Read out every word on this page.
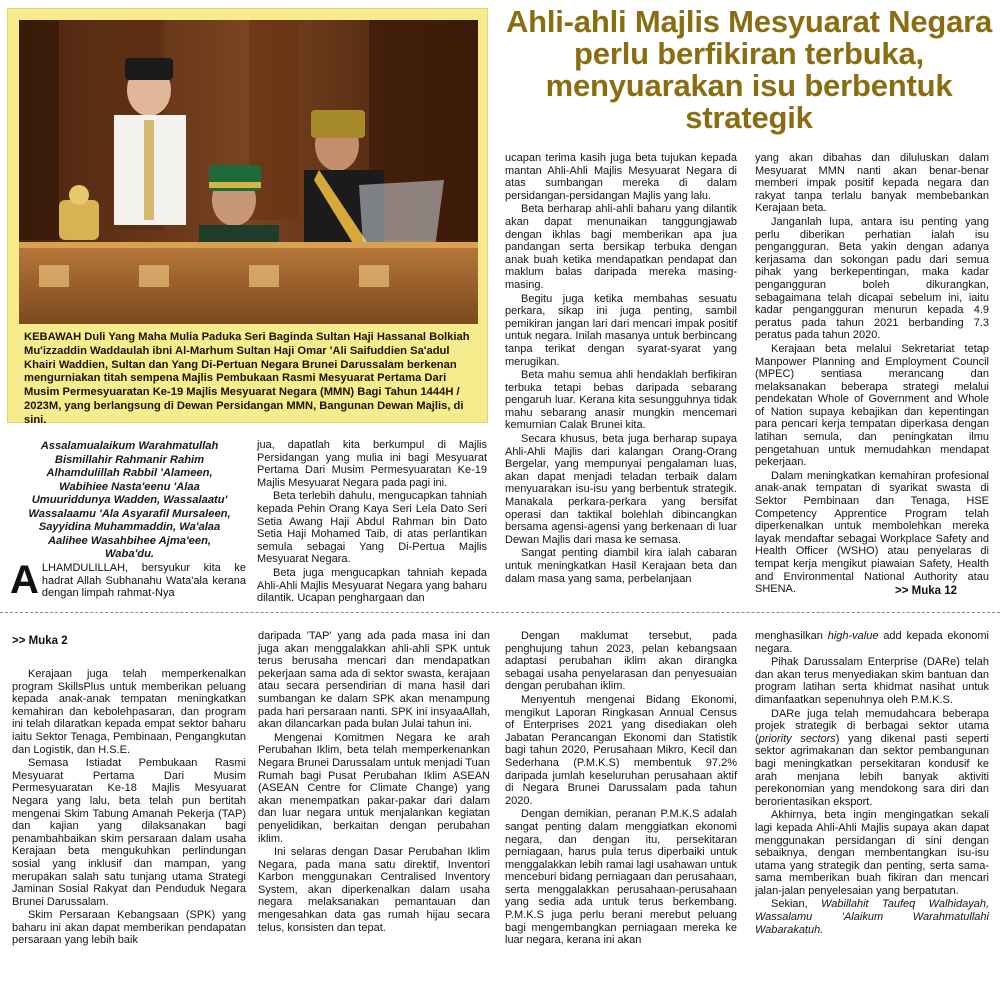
KEBAWAH Duli Yang Maha Mulia Paduka Seri Baginda Sultan Haji Hassanal Bolkiah Mu'izzaddin Waddaulah ibni Al-Marhum Sultan Haji Omar 'Ali Saifuddien Sa'adul Khairi Waddien, Sultan dan Yang Di-Pertuan Negara Brunei Darussalam berkenan mengurniakan titah sempena Majlis Pembukaan Rasmi Mesyuarat Pertama Dari Musim Permesyuaratan Ke-19 Majlis Mesyuarat Negara (MMN) Bagi Tahun 1444H / 2023M, yang berlangsung di Dewan Persidangan MMN, Bangunan Dewan Majlis, di sini.
Ahli-ahli Majlis Mesyuarat Negara perlu berfikiran terbuka, menyuarakan isu berbentuk strategik
Assalamualaikum Warahmatullah Bismillahir Rahmanir Rahim Alhamdulillah Rabbil 'Alameen, Wabihiee Nasta'eenu 'Alaa Umuuriddunya Wadden, Wassalaatu' Wassalaamu 'Ala Asyarafil Mursaleen, Sayyidina Muhammaddin, Wa'alaa Aalihee Wasahbihee Ajma'een, Waba'du.
ALHAMDULILLAH, bersyukur kita ke hadrat Allah Subhanahu Wata'ala kerana dengan limpah rahmat-Nya

jua, dapatlah kita berkumpul di Majlis Persidangan yang mulia ini bagi Mesyuarat Pertama Dari Musim Permesyuaratan Ke-19 Majlis Mesyuarat Negara pada pagi ini.

Beta terlebih dahulu, mengucapkan tahniah kepada Pehin Orang Kaya Seri Lela Dato Seri Setia Awang Haji Abdul Rahman bin Dato Setia Haji Mohamed Taib, di atas perlantikan semula sebagai Yang Di-Pertua Majlis Mesyuarat Negara.

Beta juga mengucapkan tahniah kepada Ahli-Ahli Majlis Mesyuarat Negara yang baharu dilantik. Ucapan penghargaan dan

ucapan terima kasih juga beta tujukan kepada mantan Ahli-Ahli Majlis Mesyuarat Negara di atas sumbangan mereka di dalam persidangan-persidangan Majlis yang lalu.

Beta berharap ahli-ahli baharu yang dilantik akan dapat menunaikan tanggungjawab dengan ikhlas bagi memberikan apa jua pandangan serta bersikap terbuka dengan anak buah ketika mendapatkan pendapat dan maklum balas daripada mereka masing-masing.

Begitu juga ketika membahas sesuatu perkara, sikap ini juga penting, sambil pemikiran jangan lari dari mencari impak positif untuk negara. Inilah masanya untuk berbincang tanpa terikat dengan syarat-syarat yang merugikan.

Beta mahu semua ahli hendaklah berfikiran terbuka tetapi bebas daripada sebarang pengaruh luar. Kerana kita sesungguhnya tidak mahu sebarang anasir mungkin mencemari kemurnian Calak Brunei kita.

Secara khusus, beta juga berharap supaya Ahli-Ahli Majlis dari kalangan Orang-Orang Bergelar, yang mempunyai pengalaman luas, akan dapat menjadi teladan terbaik dalam menyuarakan isu-isu yang berbentuk strategik. Manakala perkara-perkara yang bersifat operasi dan taktikal bolehlah dibincangkan bersama agensi-agensi yang berkenaan di luar Dewan Majlis dari masa ke semasa.

Sangat penting diambil kira ialah cabaran untuk meningkatkan Hasil Kerajaan beta dan dalam masa yang sama, perbelanjaan

yang akan dibahas dan diluluskan dalam Mesyuarat MMN nanti akan benar-benar memberi impak positif kepada negara dan rakyat tanpa terlalu banyak membebankan Kerajaan beta.

Janganlah lupa, antara isu penting yang perlu diberikan perhatian ialah isu pengangguran. Beta yakin dengan adanya kerjasama dan sokongan padu dari semua pihak yang berkepentingan, maka kadar pengangguran boleh dikurangkan, sebagaimana telah dicapai sebelum ini, iaitu kadar pengangguran menurun kepada 4.9 peratus pada tahun 2021 berbanding 7.3 peratus pada tahun 2020.

Kerajaan beta melalui Sekretariat tetap Manpower Planning and Employment Council (MPEC) sentiasa merancang dan melaksanakan beberapa strategi melalui pendekatan Whole of Government and Whole of Nation supaya kebajikan dan kepentingan para pencari kerja tempatan diperkasa dengan latihan semula, dan peningkatan ilmu pengetahuan untuk memudahkan mendapat pekerjaan.

Dalam meningkatkan kemahiran profesional anak-anak tempatan di syarikat swasta di Sektor Pembinaan dan Tenaga, HSE Competency Apprentice Program telah diperkenalkan untuk membolehkan mereka layak mendaftar sebagai Workplace Safety and Health Officer (WSHO) atau penyelaras di tempat kerja mengikut piawaian Safety, Health and Environmental National Authority atau SHENA.	>> Muka 12
>> Muka 2

Kerajaan juga telah memperkenalkan program SkillsPlus untuk memberikan peluang kepada anak-anak tempatan meningkatkan kemahiran dan kebolehpasaran, dan program ini telah dilaratkan kepada empat sektor baharu iaitu Sektor Tenaga, Pembinaan, Pengangkutan dan Logistik, dan H.S.E.

Semasa Istiadat Pembukaan Rasmi Mesyuarat Pertama Dari Musim Permesyuaratan Ke-18 Majlis Mesyuarat Negara yang lalu, beta telah pun bertitah mengenai Skim Tabung Amanah Pekerja (TAP) dan kajian yang dilaksanakan bagi penambahbaikan skim persaraan dalam usaha Kerajaan beta mengukuhkan perlindungan sosial yang inklusif dan mampan, yang merupakan salah satu tunjang utama Strategi Jaminan Sosial Rakyat dan Penduduk Negara Brunei Darussalam.

Skim Persaraan Kebangsaan (SPK) yang baharu ini akan dapat memberikan pendapatan persaraan yang lebih baik

daripada 'TAP' yang ada pada masa ini dan juga akan menggalakkan ahli-ahli SPK untuk terus berusaha mencari dan mendapatkan pekerjaan sama ada di sektor swasta, kerajaan atau secara persendirian di mana hasil dari sumbangan ke dalam SPK akan menampung pada hari persaraan nanti. SPK ini insyaaAllah, akan dilancarkan pada bulan Julai tahun ini.

Mengenai Komitmen Negara ke arah Perubahan Iklim, beta telah memperkenankan Negara Brunei Darussalam untuk menjadi Tuan Rumah bagi Pusat Perubahan Iklim ASEAN (ASEAN Centre for Climate Change) yang akan menempatkan pakar-pakar dari dalam dan luar negara untuk menjalankan kegiatan penyelidikan, berkaitan dengan perubahan iklim.

Ini selaras dengan Dasar Perubahan Iklim Negara, pada mana satu direktif, Inventori Karbon menggunakan Centralised Inventory System, akan diperkenalkan dalam usaha negara melaksanakan pemantauan dan mengesahkan data gas rumah hijau secara telus, konsisten dan tepat.

Dengan maklumat tersebut, pada penghujung tahun 2023, pelan kebangsaan adaptasi perubahan iklim akan dirangka sebagai usaha penyelarasan dan penyesuaian dengan perubahan iklim.

Menyentuh mengenai Bidang Ekonomi, mengikut Laporan Ringkasan Annual Census of Enterprises 2021 yang disediakan oleh Jabatan Perancangan Ekonomi dan Statistik bagi tahun 2020, Perusahaan Mikro, Kecil dan Sederhana (P.M.K.S) membentuk 97.2% daripada jumlah keseluruhan perusahaan aktif di Negara Brunei Darussalam pada tahun 2020.

Dengan demikian, peranan P.M.K.S adalah sangat penting dalam menggiatkan ekonomi negara, dan dengan itu, persekitaran perniagaan, harus pula terus diperbaiki untuk menggalakkan lebih ramai lagi usahawan untuk menceburi bidang perniagaan dan perusahaan, serta menggalakkan perusahaan-perusahaan yang sedia ada untuk terus berkembang. P.M.K.S juga perlu berani merebut peluang bagi mengembangkan perniagaan mereka ke luar negara, kerana ini akan

menghasilkan high-value add kepada ekonomi negara.

Pihak Darussalam Enterprise (DARe) telah dan akan terus menyediakan skim bantuan dan program latihan serta khidmat nasihat untuk dimanfaatkan sepenuhnya oleh P.M.K.S.

DARe juga telah memudahcara beberapa projek strategik di berbagai sektor utama (priority sectors) yang dikenal pasti seperti sektor agrimakanan dan sektor pembangunan bagi meningkatkan persekitaran kondusif ke arah menjana lebih banyak aktiviti perekonomian yang mendokong sara diri dan berorientasikan eksport.

Akhirnya, beta ingin mengingatkan sekali lagi kepada Ahli-Ahli Majlis supaya akan dapat menggunakan persidangan di sini dengan sebaiknya, dengan membentangkan isu-isu utama yang strategik dan penting, serta sama-sama memberikan buah fikiran dan mencari jalan-jalan penyelesaian yang berpatutan.

Sekian, Wabillahit Taufeq Walhidayah, Wassalamu 'Alaikum Warahmatullahi Wabarakatuh.
